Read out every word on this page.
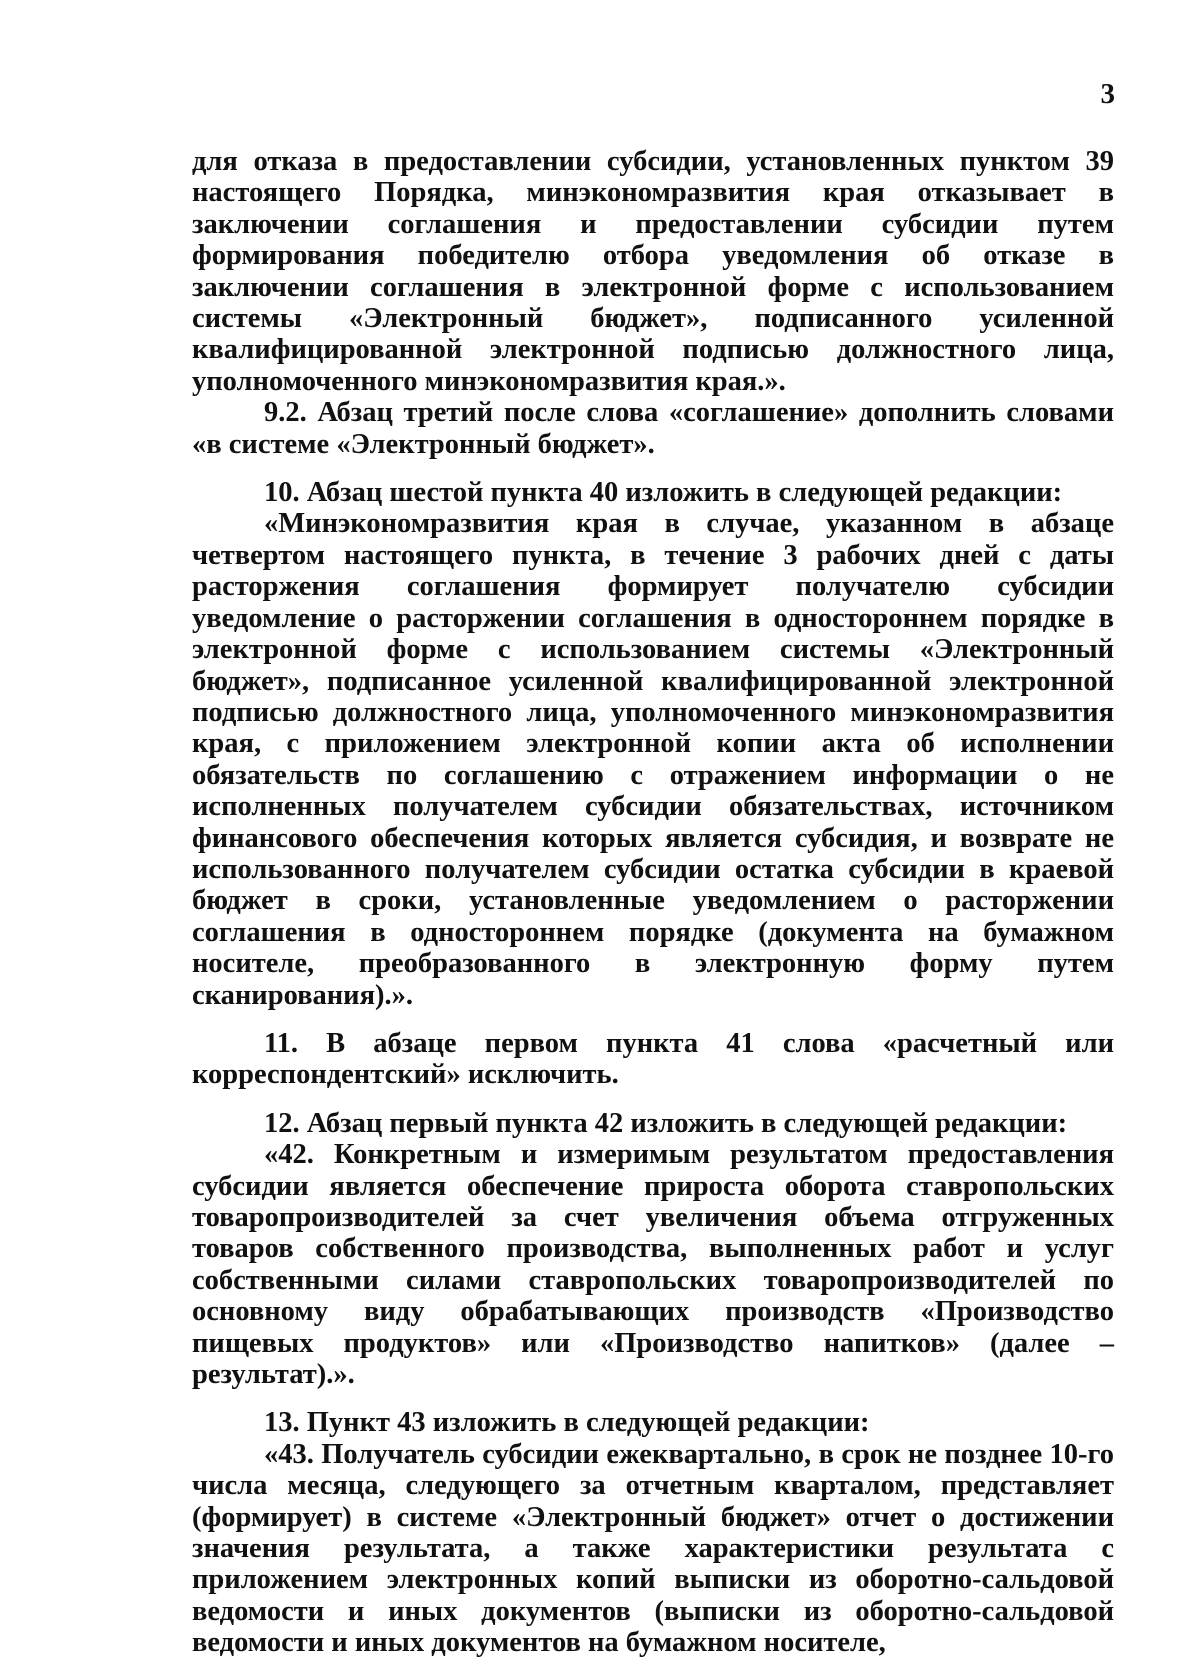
3

для отказа в предоставлении субсидии, установленных пунктом 39 настоящего Порядка, минэкономразвития края отказывает в заключении соглашения и предоставлении субсидии путем формирования победителю отбора уведомления об отказе в заключении соглашения в электронной форме с использованием системы «Электронный бюджет», подписанного усиленной квалифицированной электронной подписью должностного лица, уполномоченного минэкономразвития края.».

9.2. Абзац третий после слова «соглашение» дополнить словами «в системе «Электронный бюджет».

10. Абзац шестой пункта 40 изложить в следующей редакции:

«Минэкономразвития края в случае, указанном в абзаце четвертом настоящего пункта, в течение 3 рабочих дней с даты расторжения соглашения формирует получателю субсидии уведомление о расторжении соглашения в одностороннем порядке в электронной форме с использованием системы «Электронный бюджет», подписанное усиленной квалифицированной электронной подписью должностного лица, уполномоченного минэкономразвития края, с приложением электронной копии акта об исполнении обязательств по соглашению с отражением информации о не исполненных получателем субсидии обязательствах, источником финансового обеспечения которых является субсидия, и возврате не использованного получателем субсидии остатка субсидии в краевой бюджет в сроки, установленные уведомлением о расторжении соглашения в одностороннем порядке (документа на бумажном носителе, преобразованного в электронную форму путем сканирования).».

11. В абзаце первом пункта 41 слова «расчетный или корреспондентский» исключить.

12. Абзац первый пункта 42 изложить в следующей редакции:

«42. Конкретным и измеримым результатом предоставления субсидии является обеспечение прироста оборота ставропольских товаропроизводителей за счет увеличения объема отгруженных товаров собственного производства, выполненных работ и услуг собственными силами ставропольских товаропроизводителей по основному виду обрабатывающих производств «Производство пищевых продуктов» или «Производство напитков» (далее – результат).».

13. Пункт 43 изложить в следующей редакции:

«43. Получатель субсидии ежеквартально, в срок не позднее 10-го числа месяца, следующего за отчетным кварталом, представляет (формирует) в системе «Электронный бюджет» отчет о достижении значения результата, а также характеристики результата с приложением электронных копий выписки из оборотно-сальдовой ведомости и иных документов (выписки из оборотно-сальдовой ведомости и иных документов на бумажном носителе,
